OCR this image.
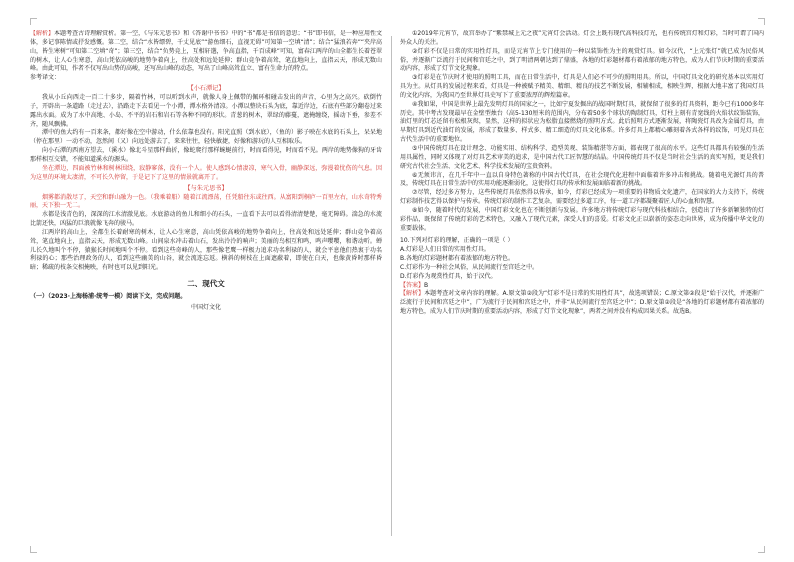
【解析】本题考查古诗理解赏析。第一空，《与朱元思书》和《答谢中书书》中的“书”都是书信的意思；“书”即书信，是一种应用性文体，多记事陈情或抒发感慨。第二空，结合“水皆缥碧，千丈见底”“游鱼细石，直视无碍”可知第一空填“清”；结合“猛浪若奔”“夹岸高山，皆生寒树”可知第二空填“奇”；第三空，结合“负势竞上，互相轩邈，争高直指，千百成峰”可知，富春江两岸的山全都生长着苍翠的树木，让人心生寒意，高山凭依高峻的地势争着向上，往高处和远处延伸；群山竞争着高耸，笔直地向上，直指云天，形成无数山峰。由此可知，作者不仅写出山势的高峻，还写出山峰的动态，写出了山峰高耸直立、富有生命力的特点。

参考译文：

【小石潭记】

我从小丘向西走一百二十多步，隔着竹林，可以听到水声，就像人身上佩带的佩环相碰击发出的声音，心里为之高兴。砍倒竹子，开辟出一条道路（走过去），沿路走下去看见一个小潭，潭水格外清凉。小潭以整块石头为底，靠近岸边，石底有些部分翻卷过来露出水面。成为了水中高地、小岛、不平的岩石和岩石等各种不同的形状。青葱的树木，翠绿的藤蔓，遮掩缠绕，摇动下垂，参差不齐，随风飘拂。

潭中的鱼大约有一百来条，都好像在空中游动，什么依靠也没有。阳光直照（到水底），（鱼的）影子映在水底的石头上，呆呆地（停在那里）一动不动，忽然间（又）向远处游去了，来来往往，轻快敏捷，好像和游玩的人互相取乐。

向小石潭的西南方望去，（溪水）像北斗星那样曲折，像蛇爬行那样蜿蜒前行，时而看得见，时而看不见。两岸的地势像狗的牙齿那样相互交错，不能知道溪水的源头。

坐在潭边，四面被竹林和树林围绕，寂静寥落，没有一个人。使人感到心情凄凉，寒气入骨，幽静深远，弥漫着忧伤的气息。因为这里的环境太凄清，不可长久停留，于是记下了这里的情景就离开了。

【与朱元思书】

烟雾都消散尽了，天空和群山融为一色。（我乘着船）随着江流漂荡，任凭船往东或往西。从富阳到桐庐一百里左右，山水奇特秀丽，天下独一无二。

水都是浅青色的，深深的江水清澈见底。水底游动的鱼儿和细小的石头，一直看下去可以看得清清楚楚，毫无障碍。湍急的水流比箭还快，凶猛的巨浪就像飞奔的骏马。

江两岸的高山上，全都生长着耐寒的树木，让人心生寒意，高山凭依高峻的地势争着向上，往高处和远处延伸；群山竞争着高耸，笔直地向上，直指云天，形成无数山峰。山间泉水冲击着山石，发出泠泠的响声；美丽的鸟相互和鸣，鸣声嘤嘤，和谐动听。蝉儿长久地叫个不停，猿猴长时间地叫个不停。看到这些奇峰的人，那些像老鹰一样极力追求功名利禄的人，就会平息他们热衷于功名利禄的心；那些治理政务的人，看到这些幽美的山谷，就会流连忘返。横斜的树枝在上面遮蔽着，即使在白天，也像黄昏时那样昏暗；稀疏的枝条交相掩映，有时也可以见到阳光。

二、现代文

（一）（2023·上海杨浦·统考一模）阅读下文，完成问题。

中国灯文化

①2019年元宵节，故宫举办了“紫禁城上元之夜”元宵灯会活动。灯会上既有现代高科技灯光，也有传统宫灯和灯彩，当时可谓了国内外众人的关注。

②灯彩不仅是日常的实用性灯具，而是元宵节上专门使用的一种以装饰性为主的观赏灯具。如今汉代，“上元张灯”就已成为民俗风俗，并逐渐广泛流行于民间和宫廷之中，到了明清两朝达到了鼎盛，各地的灯彩题材都有着浓郁的地方特色，成为人们节庆时期的重要活动内容，形成了灯节文化现象。

③灯彩是在节庆时才使用的照明工具，而在日常生活中，灯具是人们必不可少的照明用具。所以，中国灯具文化的研究基本以实用灯具为主。从灯具的发展过程来看，灯具是一种被赋予精美、精细、精良的技艺不断发展，相辅相成，相映生辉，根据大地丰富了我国灯具的文化内容，为我国乃至世界灯具史写下了重要浓厚的辉煌篇章。

④我如果，中国是世界上最先发明灯具的国家之一，比如宁夏发掘出的战国时期灯具，就保留了很多的灯具资料，距今已有1000多年历史。其中考古发现最早在金壁型烛台（高5-130厘米的范围内，分布着50多个球状的陶制灯具，灯柱上刻有青宽线的火焰状纹饰装饰，油灯里的灯芯还留有松根灰烬，显然，这样的拟状应为松脂直接燃烧的照明方式。此后照明方式逐渐发展，将陶瓷灯具改为金属灯具，由早期灯具到近代油灯的发展，形成了数量多、样式多、精工细造的灯具文化体系。许多灯具上都精心雕刻着各式各样的纹饰，可见灯具在古代生活中的重要地位。

⑤中国传统灯具在设计理念、功能实用、结构科学、造型美观、装饰精湛等方面，都表现了很高的水平。这些灯具都具有较强的生活用具属性，同时又体现了对灯具艺术审美的追求，是中国古代工匠智慧的结晶。中国传统灯具不仅是当时社会生活的真实写照，更是我们研究古代社会生活、文化艺术、科学技术发展的宝贵资料。

⑥无须讳言，在几千年中一直以自身特色著称的中国古代灯具，在社会现代化进程中面临着许多冲击和挑战。随着电光源灯具的普及，传统灯具在日常生活中的实用功能逐渐弱化，这使得灯具的传承和发展面临着新的挑战。

⑦尽管，经过多方努力，这些传统灯具依然得以传承，如今，灯彩已经成为一项重要的非物质文化遗产，在国家的大力支持下，传统灯彩制作技艺得以保护与传承。传统灯彩的制作工艺复杂，需要经过多道工序，每一道工序都凝聚着匠人的心血和智慧。

⑧如今，随着时代的发展，中国灯彩文化也在不断创新与发展。许多地方将传统灯彩与现代科技相结合，创造出了许多新颖独特的灯彩作品，既保留了传统灯彩的艺术特色，又融入了现代元素，深受人们的喜爱。灯彩文化正以崭新的姿态走向世界，成为传播中华文化的重要载体。

10.下列对灯彩的理解，正确的一项是（ ）

A.灯彩是人们日常的实用性灯具。

B.各地的灯彩题材都有着浓郁的地方特色。

C.灯彩作为一种社会风俗，从民间流行至宫廷之中。

D.灯彩作为观赏性灯具，始于汉代。

【答案】B

【解析】本题考查对文章内容的理解。A.原文第②段为“灯彩不是日常的实用性灯具”，故选项错误；C.原文第②段是“始于汉代，并逐渐广泛流行于民间和宫廷之中”，广为流行于民间和宫廷之中，并非“从民间流行至宫廷之中”；D.原文第②段是“各地的灯彩题材都有着浓郁的地方特色，成为人们节庆时期的重要活动内容，形成了灯节文化现象”，两者之间并没有构成因果关系。故选B。
